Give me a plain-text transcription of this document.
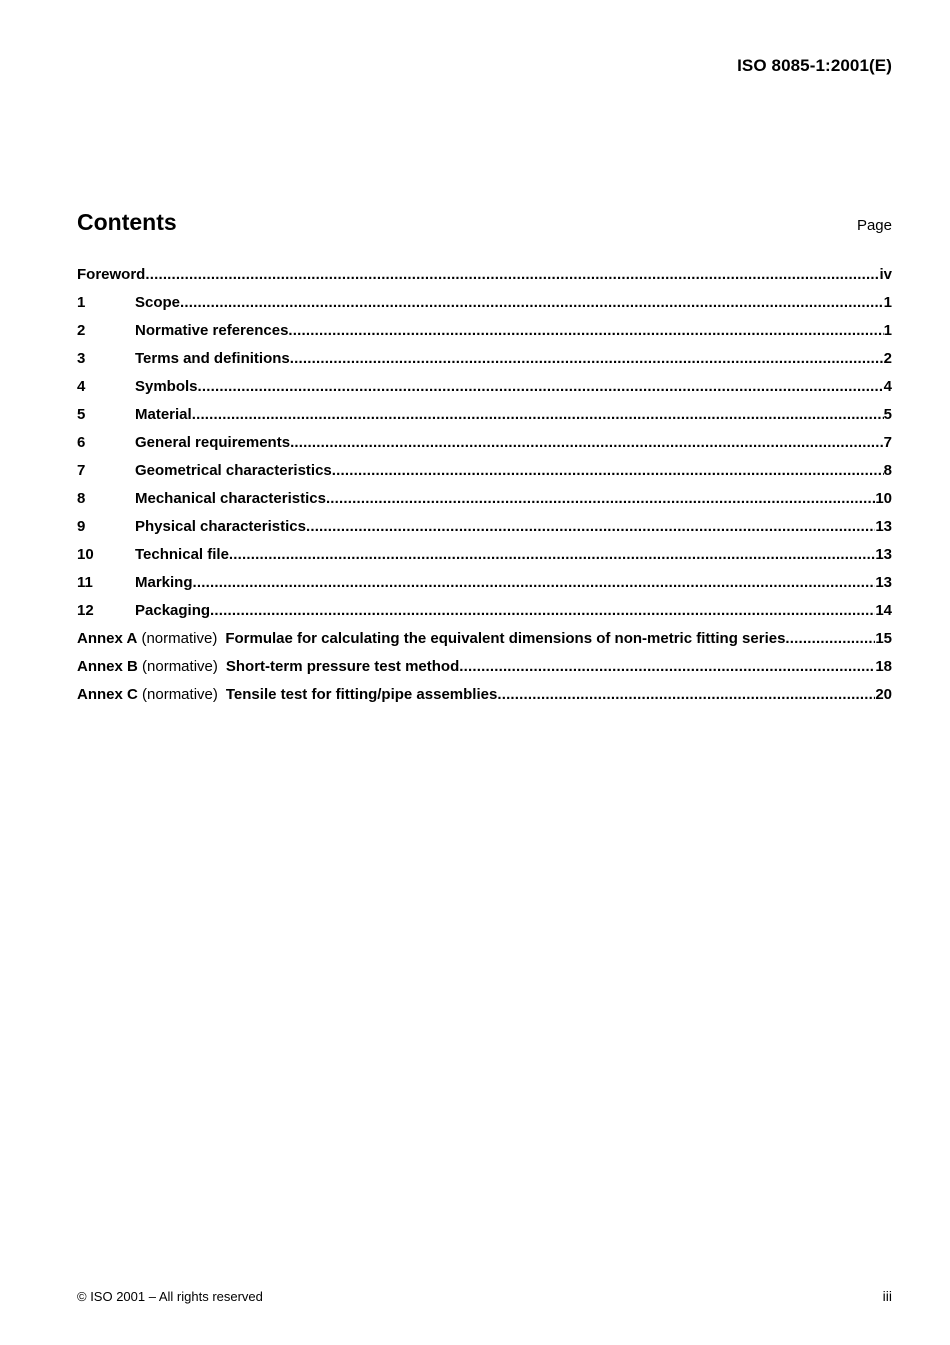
ISO 8085-1:2001(E)
Contents	Page
Foreword .....	iv
1	Scope .....	1
2	Normative references .....	1
3	Terms and definitions .....	2
4	Symbols .....	4
5	Material .....	5
6	General requirements .....	7
7	Geometrical characteristics .....	8
8	Mechanical characteristics .....	10
9	Physical characteristics .....	13
10	Technical file .....	13
11	Marking .....	13
12	Packaging .....	14
Annex A (normative) Formulae for calculating the equivalent dimensions of non-metric fitting series .....	15
Annex B (normative) Short-term pressure test method .....	18
Annex C (normative) Tensile test for fitting/pipe assemblies .....	20
© ISO 2001 – All rights reserved	iii
